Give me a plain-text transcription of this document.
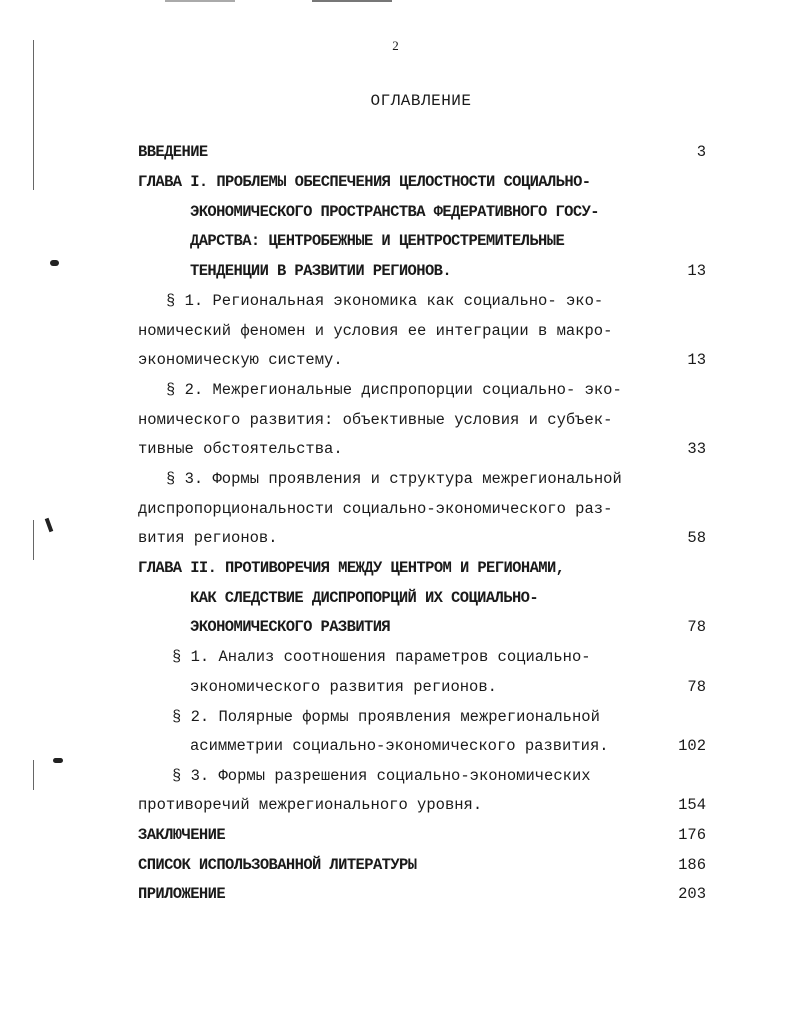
2
ОГЛАВЛЕНИЕ
ВВЕДЕНИЕ	3
ГЛАВА I. ПРОБЛЕМЫ ОБЕСПЕЧЕНИЯ ЦЕЛОСТНОСТИ СОЦИАЛЬНО-
ЭКОНОМИЧЕСКОГО ПРОСТРАНСТВА ФЕДЕРАТИВНОГО ГОСУ-
ДАРСТВА: ЦЕНТРОБЕЖНЫЕ И ЦЕНТРОСТРЕМИТЕЛЬНЫЕ
ТЕНДЕНЦИИ В РАЗВИТИИ РЕГИОНОВ.	13
§ 1. Региональная экономика как социально- эко-
номический феномен и условия ее интеграции в макро-
экономическую систему.	13
§ 2. Межрегиональные диспропорции социально- эко-
номического развития: объективные условия и субъек-
тивные обстоятельства.	33
§ 3. Формы проявления и структура межрегиональной
диспропорциональности социально-экономического раз-
вития регионов.	58
ГЛАВА II. ПРОТИВОРЕЧИЯ МЕЖДУ ЦЕНТРОМ И РЕГИОНАМИ,
КАК СЛЕДСТВИЕ ДИСПРОПОРЦИЙ ИХ СОЦИАЛЬНО-
ЭКОНОМИЧЕСКОГО РАЗВИТИЯ	78
§ 1. Анализ соотношения параметров социально-
экономического развития регионов.	78
§ 2. Полярные формы проявления межрегиональной
асимметрии социально-экономического развития.	102
§ 3. Формы разрешения социально-экономических
противоречий межрегионального уровня.	154
ЗАКЛЮЧЕНИЕ	176
СПИСОК ИСПОЛЬЗОВАННОЙ ЛИТЕРАТУРЫ	186
ПРИЛОЖЕНИЕ	203
